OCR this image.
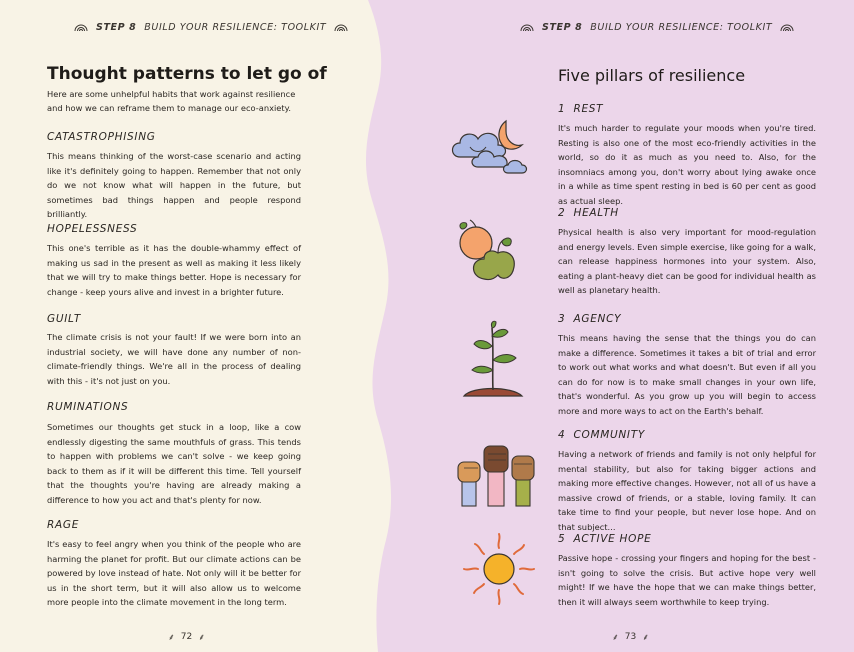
STEP 8 BUILD YOUR RESILIENCE: TOOLKIT
Thought patterns to let go of
Here are some unhelpful habits that work against resilience and how we can reframe them to manage our eco-anxiety.
CATASTROPHISING
This means thinking of the worst-case scenario and acting like it's definitely going to happen. Remember that not only do we not know what will happen in the future, but sometimes bad things happen and people respond brilliantly.
HOPELESSNESS
This one's terrible as it has the double-whammy effect of making us sad in the present as well as making it less likely that we will try to make things better. Hope is necessary for change - keep yours alive and invest in a brighter future.
GUILT
The climate crisis is not your fault! If we were born into an industrial society, we will have done any number of non-climate-friendly things. We're all in the process of dealing with this - it's not just on you.
RUMINATIONS
Sometimes our thoughts get stuck in a loop, like a cow endlessly digesting the same mouthfuls of grass. This tends to happen with problems we can't solve - we keep going back to them as if it will be different this time. Tell yourself that the thoughts you're having are already making a difference to how you act and that's plenty for now.
RAGE
It's easy to feel angry when you think of the people who are harming the planet for profit. But our climate actions can be powered by love instead of hate. Not only will it be better for us in the short term, but it will also allow us to welcome more people into the climate movement in the long term.
⸙ 72 ⸙
STEP 8 BUILD YOUR RESILIENCE: TOOLKIT
Five pillars of resilience
1 REST
It's much harder to regulate your moods when you're tired. Resting is also one of the most eco-friendly activities in the world, so do it as much as you need to. Also, for the insomniacs among you, don't worry about lying awake once in a while as time spent resting in bed is 60 per cent as good as actual sleep.
2 HEALTH
Physical health is also very important for mood-regulation and energy levels. Even simple exercise, like going for a walk, can release happiness hormones into your system. Also, eating a plant-heavy diet can be good for individual health as well as planetary health.
3 AGENCY
This means having the sense that the things you do can make a difference. Sometimes it takes a bit of trial and error to work out what works and what doesn't. But even if all you can do for now is to make small changes in your own life, that's wonderful. As you grow up you will begin to access more and more ways to act on the Earth's behalf.
4 COMMUNITY
Having a network of friends and family is not only helpful for mental stability, but also for taking bigger actions and making more effective changes. However, not all of us have a massive crowd of friends, or a stable, loving family. It can take time to find your people, but never lose hope. And on that subject...
5 ACTIVE HOPE
Passive hope - crossing your fingers and hoping for the best - isn't going to solve the crisis. But active hope very well might! If we have the hope that we can make things better, then it will always seem worthwhile to keep trying.
⸙ 73 ⸙
